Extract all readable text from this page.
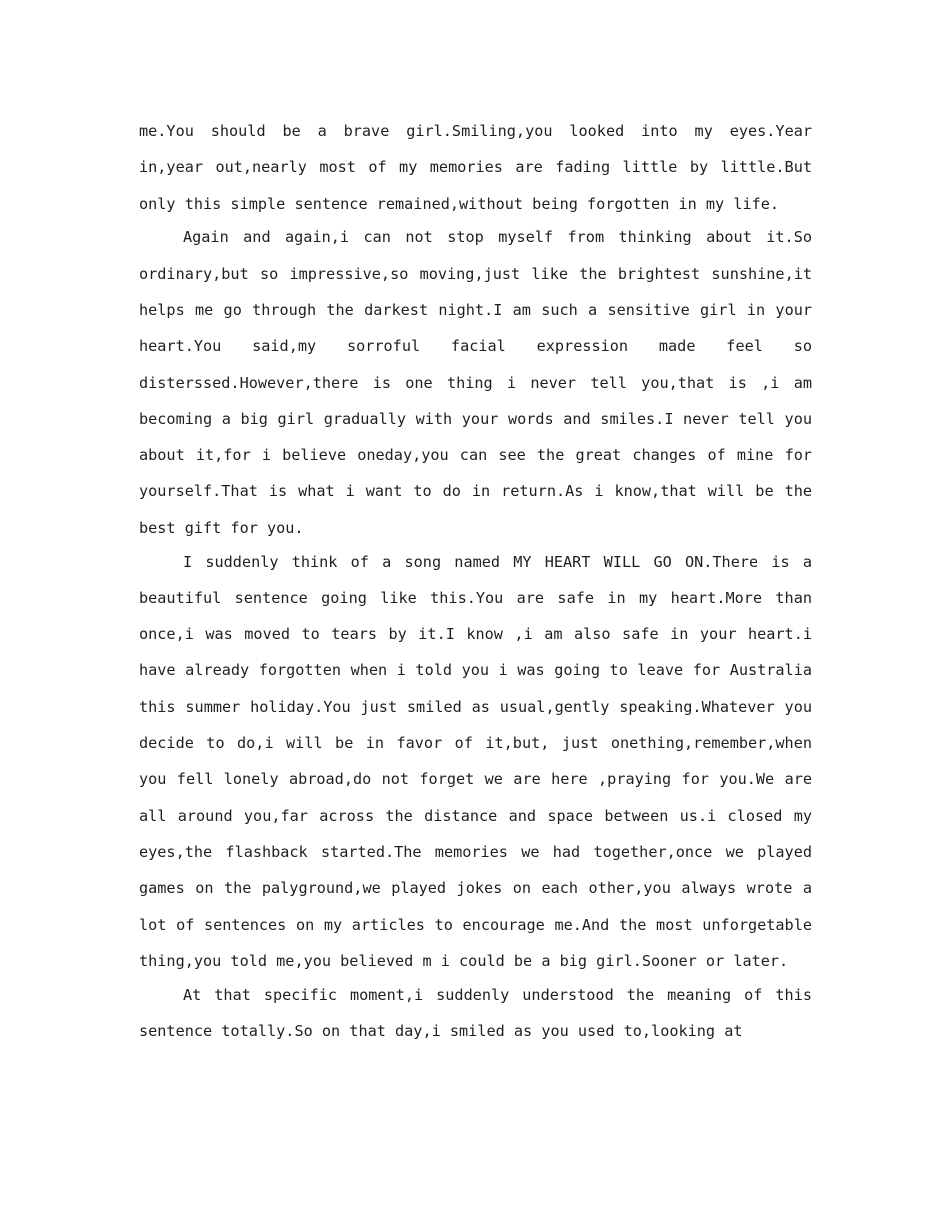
me.You should be a brave girl.Smiling,you looked into my eyes.Year in,year out,nearly most of my memories are fading little by little.But only this simple sentence remained,without being forgotten in my life.

Again and again,i can not stop myself from thinking about it.So ordinary,but so impressive,so moving,just like the brightest sunshine,it helps me go through the darkest night.I am such a sensitive girl in your heart.You said,my sorroful facial expression made feel so disterssed.However,there is one thing i never tell you,that is ,i am becoming a big girl gradually with your words and smiles.I never tell you about it,for i believe oneday,you can see the great changes of mine for yourself.That is what i want to do in return.As i know,that will be the best gift for you.

I suddenly think of a song named MY HEART WILL GO ON.There is a beautiful sentence going like this.You are safe in my heart.More than once,i was moved to tears by it.I know ,i am also safe in your heart.i have already forgotten when i told you i was going to leave for Australia this summer holiday.You just smiled as usual,gently speaking.Whatever you decide to do,i will be in favor of it,but, just onething,remember,when you fell lonely abroad,do not forget we are here ,praying for you.We are all around you,far across the distance and space between us.i closed my eyes,the flashback started.The memories we had together,once we played games on the palyground,we played jokes on each other,you always wrote a lot of sentences on my articles to encourage me.And the most unforgetable thing,you told me,you believed m i could be a big girl.Sooner or later.

At that specific moment,i suddenly understood the meaning of this sentence totally.So on that day,i smiled as you used to,looking at
